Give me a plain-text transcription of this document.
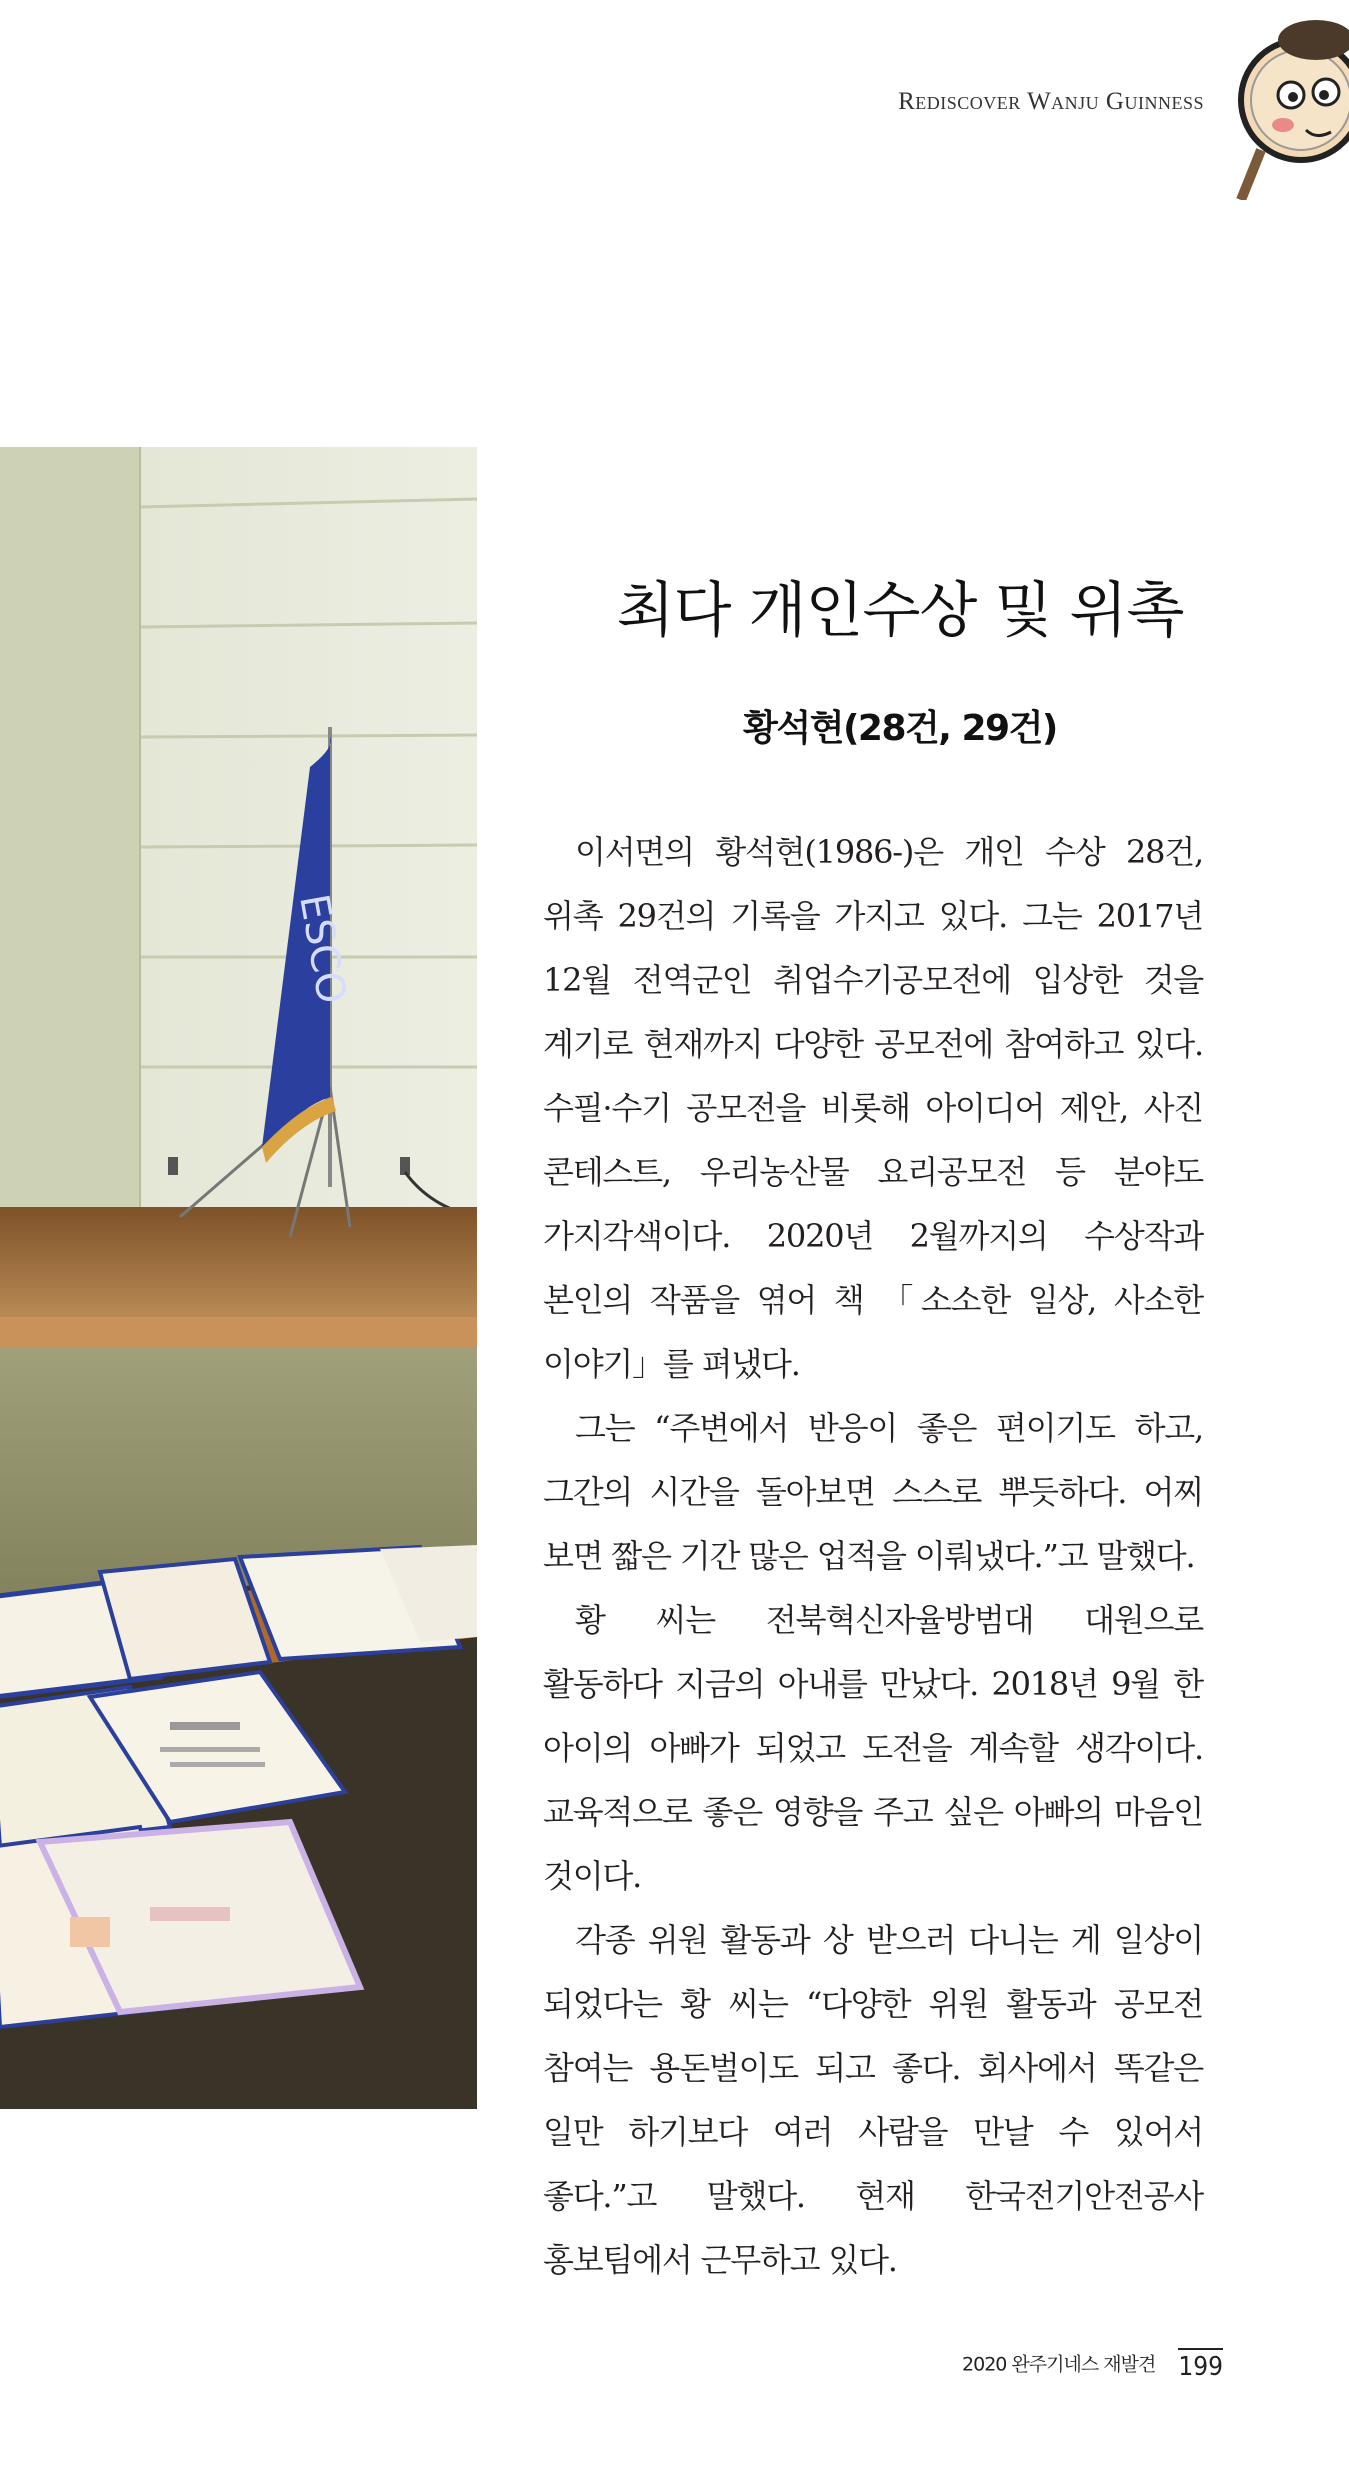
Rediscover Wanju Guinness
ESCO
최다 개인수상 및 위촉
황석현(28건, 29건)

이서면의 황석현(1986-)은 개인 수상 28건, 위촉 29건의 기록을 가지고 있다. 그는 2017년 12월 전역군인 취업수기공모전에 입상한 것을 계기로 현재까지 다양한 공모전에 참여하고 있다. 수필·수기 공모전을 비롯해 아이디어 제안, 사진 콘테스트, 우리농산물 요리공모전 등 분야도 가지각색이다. 2020년 2월까지의 수상작과 본인의 작품을 엮어 책 「소소한 일상, 사소한 이야기」를 펴냈다.

그는 “주변에서 반응이 좋은 편이기도 하고, 그간의 시간을 돌아보면 스스로 뿌듯하다. 어찌 보면 짧은 기간 많은 업적을 이뤄냈다.”고 말했다.

황 씨는 전북혁신자율방범대 대원으로 활동하다 지금의 아내를 만났다. 2018년 9월 한 아이의 아빠가 되었고 도전을 계속할 생각이다. 교육적으로 좋은 영향을 주고 싶은 아빠의 마음인 것이다.

각종 위원 활동과 상 받으러 다니는 게 일상이 되었다는 황 씨는 “다양한 위원 활동과 공모전 참여는 용돈벌이도 되고 좋다. 회사에서 똑같은 일만 하기보다 여러 사람을 만날 수 있어서 좋다.”고 말했다. 현재 한국전기안전공사 홍보팀에서 근무하고 있다.

2020 완주기네스 재발견 199
